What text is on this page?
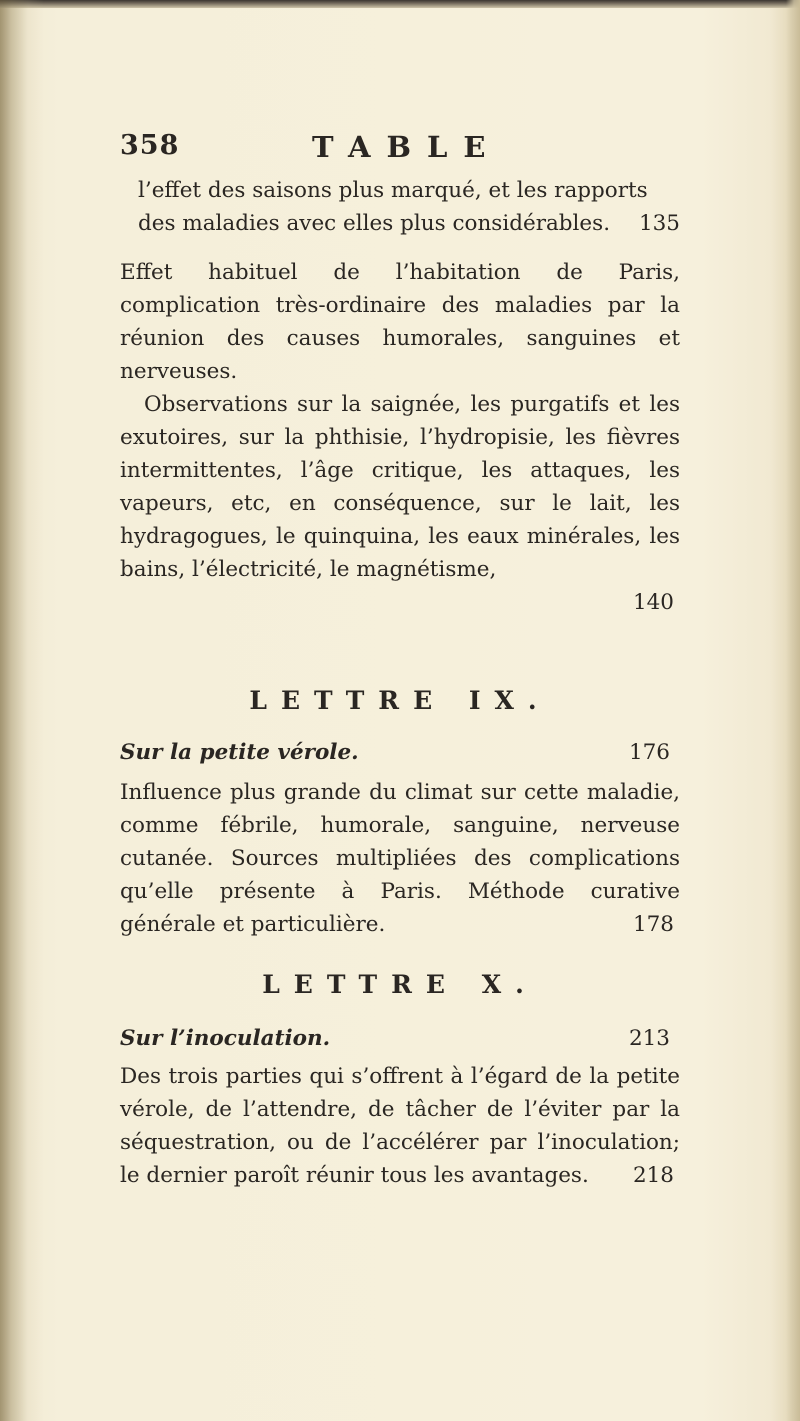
358	TABLE
l’effet des saisons plus marqué, et les rapports
des maladies avec elles plus considérables.	135
Effet habituel de l’habitation de Paris, complication très-ordinaire des maladies par la réunion des causes humorales, sanguines et nerveuses.
Observations sur la saignée, les purgatifs et les exutoires, sur la phthisie, l’hydropisie, les fièvres intermittentes, l’âge critique, les attaques, les vapeurs, etc, en conséquence, sur le lait, les hydragogues, le quinquina, les eaux minérales, les bains, l’électricité, le magnétisme,
140
LETTRE IX.
Sur la petite vérole.	176
Influence plus grande du climat sur cette maladie, comme fébrile, humorale, sanguine, nerveuse cutanée. Sources multipliées des complications qu’elle présente à Paris. Méthode curative générale et particulière.	178
LETTRE X.
Sur l’inoculation.	213
Des trois parties qui s’offrent à l’égard de la petite vérole, de l’attendre, de tâcher de l’éviter par la séquestration, ou de l’accélérer par l’inoculation; le dernier paroît réunir tous les avantages. 218
